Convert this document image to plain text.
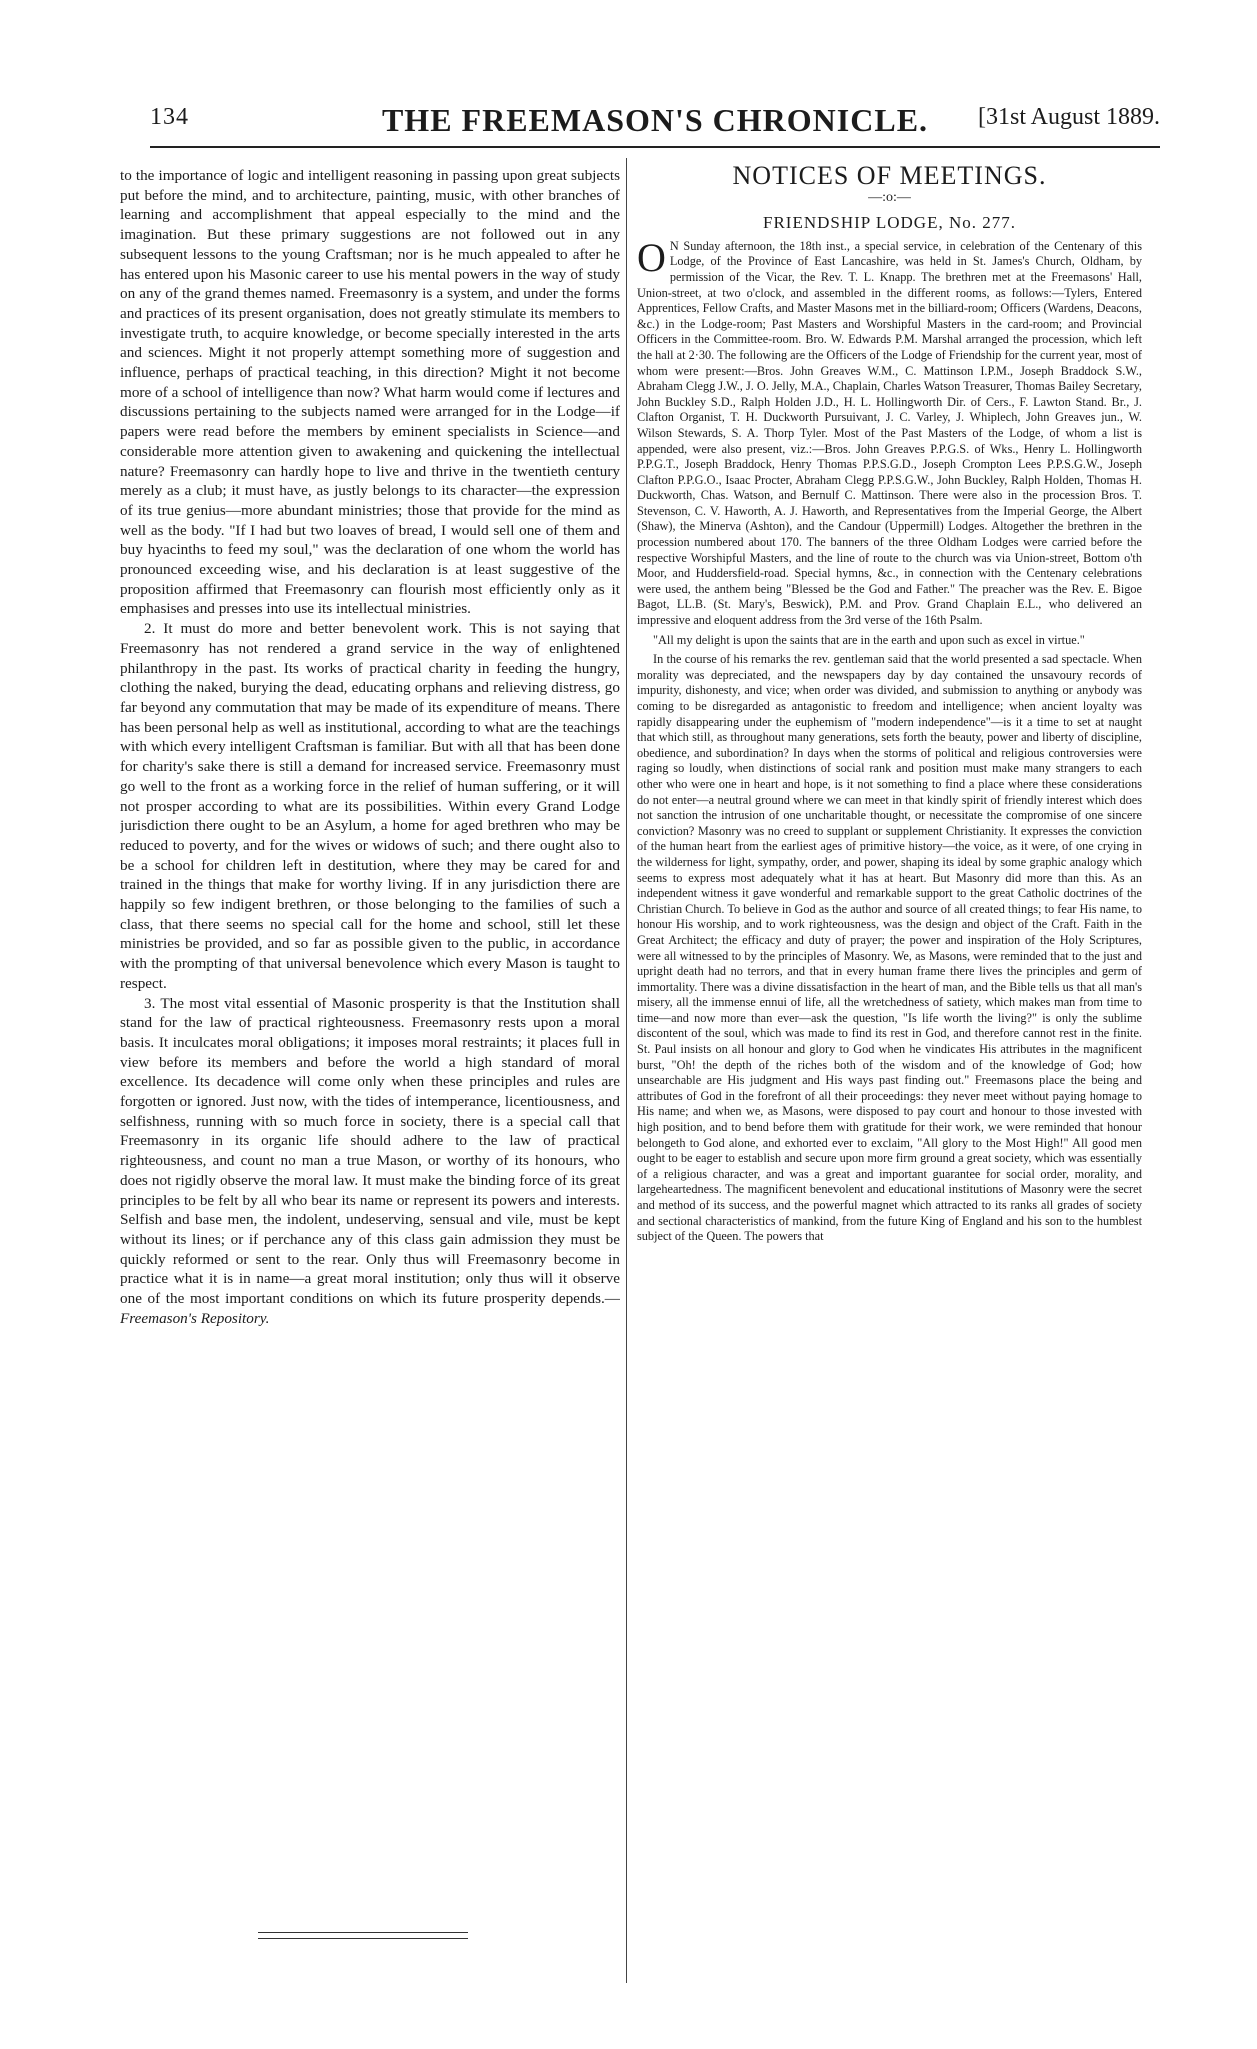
134	THE FREEMASON'S CHRONICLE.	[31st August 1889.

to the importance of logic and intelligent reasoning in passing upon great subjects put before the mind, and to architecture, painting, music, with other branches of learning and accomplishment that appeal especially to the mind and the imagination. But these primary suggestions are not followed out in any subsequent lessons to the young Craftsman; nor is he much appealed to after he has entered upon his Masonic career to use his mental powers in the way of study on any of the grand themes named. Freemasonry is a system, and under the forms and practices of its present organisation, does not greatly stimulate its members to investigate truth, to acquire knowledge, or become specially interested in the arts and sciences. Might it not properly attempt something more of suggestion and influence, perhaps of practical teaching, in this direction? Might it not become more of a school of intelligence than now? What harm would come if lectures and discussions pertaining to the subjects named were arranged for in the Lodge—if papers were read before the members by eminent specialists in Science—and considerable more attention given to awakening and quickening the intellectual nature? Freemasonry can hardly hope to live and thrive in the twentieth century merely as a club; it must have, as justly belongs to its character—the expression of its true genius—more abundant ministries; those that provide for the mind as well as the body. "If I had but two loaves of bread, I would sell one of them and buy hyacinths to feed my soul," was the declaration of one whom the world has pronounced exceeding wise, and his declaration is at least suggestive of the proposition affirmed that Freemasonry can flourish most efficiently only as it emphasises and presses into use its intellectual ministries.

2. It must do more and better benevolent work. This is not saying that Freemasonry has not rendered a grand service in the way of enlightened philanthropy in the past. Its works of practical charity in feeding the hungry, clothing the naked, burying the dead, educating orphans and relieving distress, go far beyond any commutation that may be made of its expenditure of means. There has been personal help as well as institutional, according to what are the teachings with which every intelligent Craftsman is familiar. But with all that has been done for charity's sake there is still a demand for increased service. Freemasonry must go well to the front as a working force in the relief of human suffering, or it will not prosper according to what are its possibilities. Within every Grand Lodge jurisdiction there ought to be an Asylum, a home for aged brethren who may be reduced to poverty, and for the wives or widows of such; and there ought also to be a school for children left in destitution, where they may be cared for and trained in the things that make for worthy living. If in any jurisdiction there are happily so few indigent brethren, or those belonging to the families of such a class, that there seems no special call for the home and school, still let these ministries be provided, and so far as possible given to the public, in accordance with the prompting of that universal benevolence which every Mason is taught to respect.

3. The most vital essential of Masonic prosperity is that the Institution shall stand for the law of practical righteousness. Freemasonry rests upon a moral basis. It inculcates moral obligations; it imposes moral restraints; it places full in view before its members and before the world a high standard of moral excellence. Its decadence will come only when these principles and rules are forgotten or ignored. Just now, with the tides of intemperance, licentiousness, and selfishness, running with so much force in society, there is a special call that Freemasonry in its organic life should adhere to the law of practical righteousness, and count no man a true Mason, or worthy of its honours, who does not rigidly observe the moral law. It must make the binding force of its great principles to be felt by all who bear its name or represent its powers and interests. Selfish and base men, the indolent, undeserving, sensual and vile, must be kept without its lines; or if perchance any of this class gain admission they must be quickly reformed or sent to the rear. Only thus will Freemasonry become in practice what it is in name—a great moral institution; only thus will it observe one of the most important conditions on which its future prosperity depends.—Freemason's Repository.

NOTICES OF MEETINGS.
—:o:—
FRIENDSHIP LODGE, No. 277.

O N Sunday afternoon, the 18th inst., a special service, in celebration of the Centenary of this Lodge, of the Province of East Lancashire, was held in St. James's Church, Oldham, by permission of the Vicar, the Rev. T. L. Knapp. The brethren met at the Freemasons' Hall, Union-street, at two o'clock, and assembled in the different rooms, as follows:—Tylers, Entered Apprentices, Fellow Crafts, and Master Masons met in the billiard-room; Officers (Wardens, Deacons, &c.) in the Lodge-room; Past Masters and Worshipful Masters in the card-room; and Provincial Officers in the Committee-room. Bro. W. Edwards P.M. Marshal arranged the procession, which left the hall at 2·30. The following are the Officers of the Lodge of Friendship for the current year, most of whom were present:—Bros. John Greaves W.M., C. Mattinson I.P.M., Joseph Braddock S.W., Abraham Clegg J.W., J. O. Jelly, M.A., Chaplain, Charles Watson Treasurer, Thomas Bailey Secretary, John Buckley S.D., Ralph Holden J.D., H. L. Hollingworth Dir. of Cers., F. Lawton Stand. Br., J. Clafton Organist, T. H. Duckworth Pursuivant, J. C. Varley, J. Whiplech, John Greaves jun., W. Wilson Stewards, S. A. Thorp Tyler. Most of the Past Masters of the Lodge, of whom a list is appended, were also present, viz.:—Bros. John Greaves P.P.G.S. of Wks., Henry L. Hollingworth P.P.G.T., Joseph Braddock, Henry Thomas P.P.S.G.D., Joseph Crompton Lees P.P.S.G.W., Joseph Clafton P.P.G.O., Isaac Procter, Abraham Clegg P.P.S.G.W., John Buckley, Ralph Holden, Thomas H. Duckworth, Chas. Watson, and Bernulf C. Mattinson. There were also in the procession Bros. T. Stevenson, C. V. Haworth, A. J. Haworth, and Representatives from the Imperial George, the Albert (Shaw), the Minerva (Ashton), and the Candour (Uppermill) Lodges. Altogether the brethren in the procession numbered about 170. The banners of the three Oldham Lodges were carried before the respective Worshipful Masters, and the line of route to the church was via Union-street, Bottom o'th Moor, and Huddersfield-road. Special hymns, &c., in connection with the Centenary celebrations were used, the anthem being "Blessed be the God and Father." The preacher was the Rev. E. Bigoe Bagot, LL.B. (St. Mary's, Beswick), P.M. and Prov. Grand Chaplain E.L., who delivered an impressive and eloquent address from the 3rd verse of the 16th Psalm.

"All my delight is upon the saints that are in the earth and upon such as excel in virtue."

In the course of his remarks the rev. gentleman said that the world presented a sad spectacle. When morality was depreciated, and the newspapers day by day contained the unsavoury records of impurity, dishonesty, and vice; when order was divided, and submission to anything or anybody was coming to be disregarded as antagonistic to freedom and intelligence; when ancient loyalty was rapidly disappearing under the euphemism of "modern independence"—is it a time to set at naught that which still, as throughout many generations, sets forth the beauty, power and liberty of discipline, obedience, and subordination? In days when the storms of political and religious controversies were raging so loudly, when distinctions of social rank and position must make many strangers to each other who were one in heart and hope, is it not something to find a place where these considerations do not enter—a neutral ground where we can meet in that kindly spirit of friendly interest which does not sanction the intrusion of one uncharitable thought, or necessitate the compromise of one sincere conviction? Masonry was no creed to supplant or supplement Christianity. It expresses the conviction of the human heart from the earliest ages of primitive history—the voice, as it were, of one crying in the wilderness for light, sympathy, order, and power, shaping its ideal by some graphic analogy which seems to express most adequately what it has at heart. But Masonry did more than this. As an independent witness it gave wonderful and remarkable support to the great Catholic doctrines of the Christian Church. To believe in God as the author and source of all created things; to fear His name, to honour His worship, and to work righteousness, was the design and object of the Craft. Faith in the Great Architect; the efficacy and duty of prayer; the power and inspiration of the Holy Scriptures, were all witnessed to by the principles of Masonry. We, as Masons, were reminded that to the just and upright death had no terrors, and that in every human frame there lives the principles and germ of immortality. There was a divine dissatisfaction in the heart of man, and the Bible tells us that all man's misery, all the immense ennui of life, all the wretchedness of satiety, which makes man from time to time—and now more than ever—ask the question, "Is life worth the living?" is only the sublime discontent of the soul, which was made to find its rest in God, and therefore cannot rest in the finite. St. Paul insists on all honour and glory to God when he vindicates His attributes in the magnificent burst, "Oh! the depth of the riches both of the wisdom and of the knowledge of God; how unsearchable are His judgment and His ways past finding out." Freemasons place the being and attributes of God in the forefront of all their proceedings: they never meet without paying homage to His name; and when we, as Masons, were disposed to pay court and honour to those invested with high position, and to bend before them with gratitude for their work, we were reminded that honour belongeth to God alone, and exhorted ever to exclaim, "All glory to the Most High!" All good men ought to be eager to establish and secure upon more firm ground a great society, which was essentially of a religious character, and was a great and important guarantee for social order, morality, and largeheartedness. The magnificent benevolent and educational institutions of Masonry were the secret and method of its success, and the powerful magnet which attracted to its ranks all grades of society and sectional characteristics of mankind, from the future King of England and his son to the humblest subject of the Queen. The powers that
